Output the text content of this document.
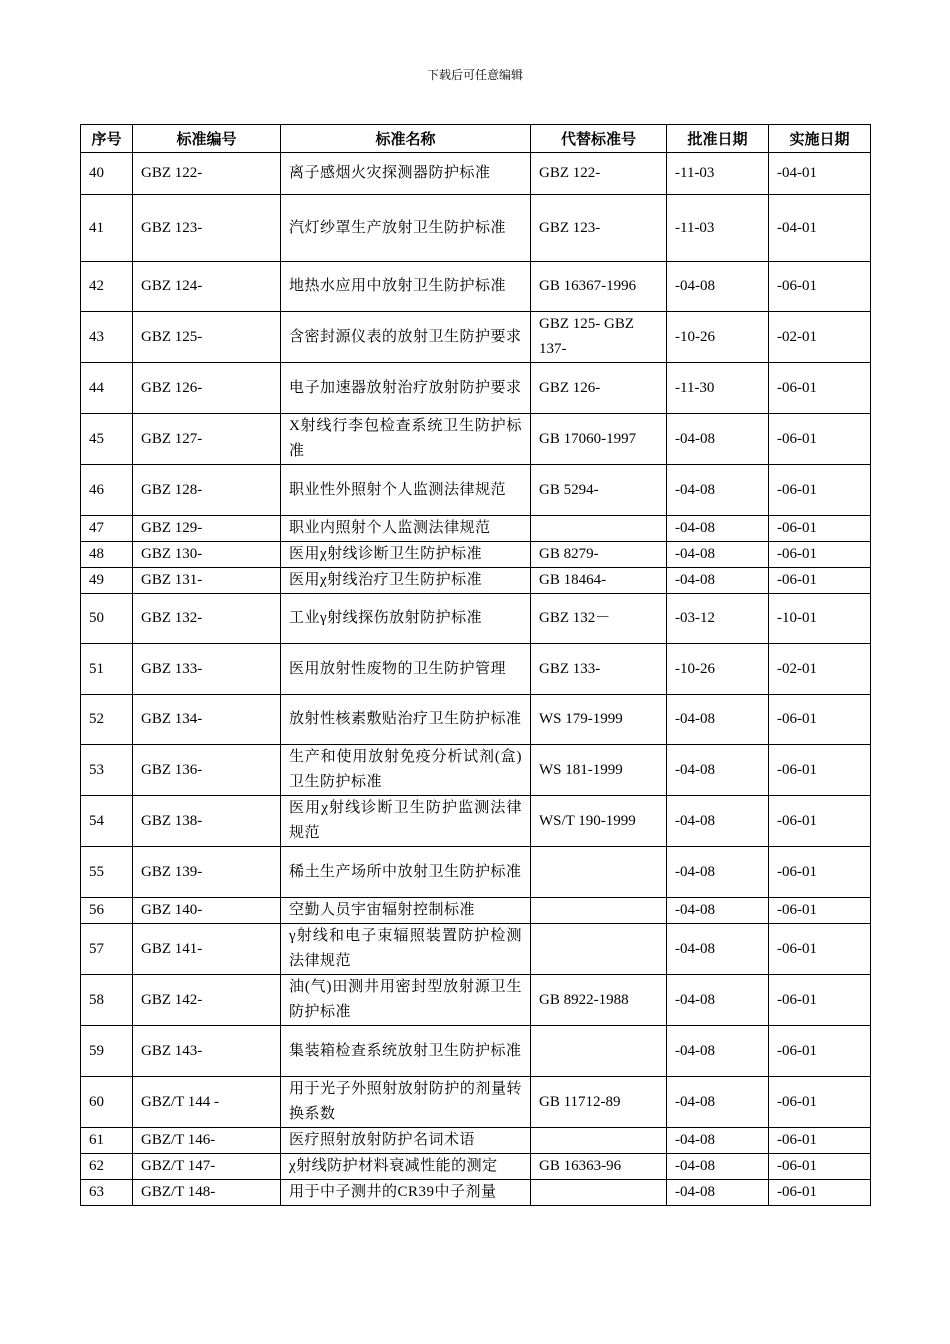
下载后可任意编辑
序号	标准编号	标准名称	代替标准号	批准日期	实施日期
40	GBZ 122-	离子感烟火灾探测器防护标准	GBZ 122-	-11-03	-04-01
41	GBZ 123-	汽灯纱罩生产放射卫生防护标准	GBZ 123-	-11-03	-04-01
42	GBZ 124-	地热水应用中放射卫生防护标准	GB 16367-1996	-04-08	-06-01
43	GBZ 125-	含密封源仪表的放射卫生防护要求	GBZ 125- GBZ 137-	-10-26	-02-01
44	GBZ 126-	电子加速器放射治疗放射防护要求	GBZ 126-	-11-30	-06-01
45	GBZ 127-	X射线行李包检查系统卫生防护标准	GB 17060-1997	-04-08	-06-01
46	GBZ 128-	职业性外照射个人监测法律规范	GB 5294-	-04-08	-06-01
47	GBZ 129-	职业内照射个人监测法律规范		-04-08	-06-01
48	GBZ 130-	医用χ射线诊断卫生防护标准	GB 8279-	-04-08	-06-01
49	GBZ 131-	医用χ射线治疗卫生防护标准	GB 18464-	-04-08	-06-01
50	GBZ 132-	工业γ射线探伤放射防护标准	GBZ 132－	-03-12	-10-01
51	GBZ 133-	医用放射性废物的卫生防护管理	GBZ 133-	-10-26	-02-01
52	GBZ 134-	放射性核素敷贴治疗卫生防护标准	WS 179-1999	-04-08	-06-01
53	GBZ 136-	生产和使用放射免疫分析试剂(盒) 卫生防护标准	WS 181-1999	-04-08	-06-01
54	GBZ 138-	医用χ射线诊断卫生防护监测法律规范	WS/T 190-1999	-04-08	-06-01
55	GBZ 139-	稀土生产场所中放射卫生防护标准		-04-08	-06-01
56	GBZ 140-	空勤人员宇宙辐射控制标准		-04-08	-06-01
57	GBZ 141-	γ射线和电子束辐照装置防护检测法律规范		-04-08	-06-01
58	GBZ 142-	油(气)田测井用密封型放射源卫生防护标准	GB 8922-1988	-04-08	-06-01
59	GBZ 143-	集装箱检查系统放射卫生防护标准		-04-08	-06-01
60	GBZ/T 144 -	用于光子外照射放射防护的剂量转换系数	GB 11712-89	-04-08	-06-01
61	GBZ/T 146-	医疗照射放射防护名词术语		-04-08	-06-01
62	GBZ/T 147-	χ射线防护材料衰减性能的测定	GB 16363-96	-04-08	-06-01
63	GBZ/T 148-	用于中子测井的CR39中子剂量		-04-08	-06-01
